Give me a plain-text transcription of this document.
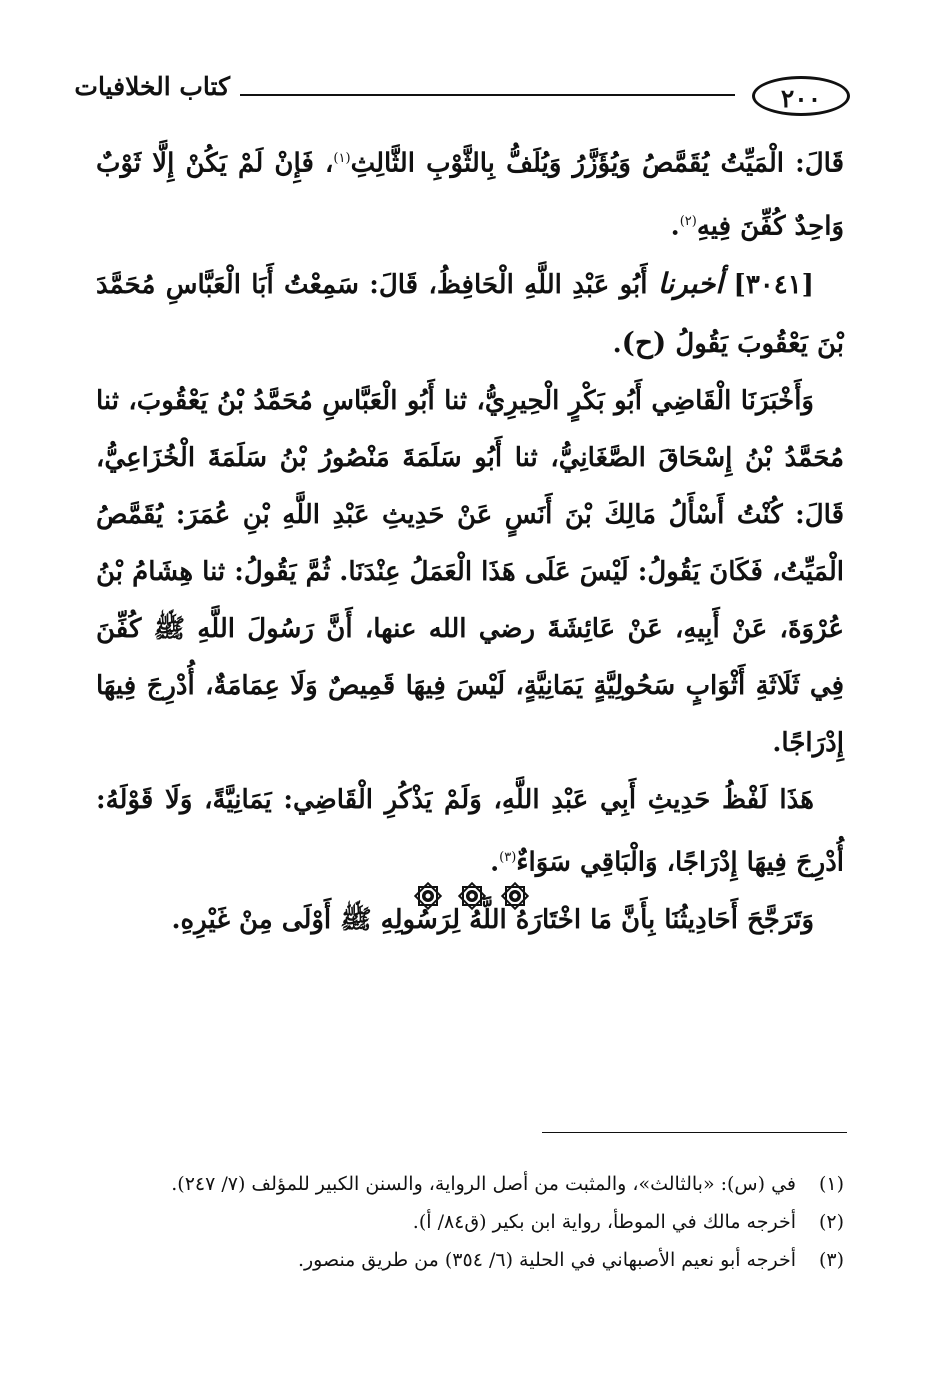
كتاب الخلافيات	٢٠٠

قَالَ: الْمَيِّتُ يُقَمَّصُ وَيُؤَزَّرُ وَيُلَفُّ بِالثَّوْبِ الثَّالِثِ$^{(١)}$، فَإِنْ لَمْ يَكُنْ إِلَّا ثَوْبٌ وَاحِدٌ كُفِّنَ فِيهِ$^{(٢)}$.

[٣٠٤١] أخبرنا أَبُو عَبْدِ اللَّهِ الْحَافِظُ، قَالَ: سَمِعْتُ أَبَا الْعَبَّاسِ مُحَمَّدَ بْنَ يَعْقُوبَ يَقُولُ (ح).

وَأَخْبَرَنَا الْقَاضِي أَبُو بَكْرٍ الْحِيرِيُّ، ثنا أَبُو الْعَبَّاسِ مُحَمَّدُ بْنُ يَعْقُوبَ، ثنا مُحَمَّدُ بْنُ إِسْحَاقَ الصَّغَانِيُّ، ثنا أَبُو سَلَمَةَ مَنْصُورُ بْنُ سَلَمَةَ الْخُزَاعِيُّ، قَالَ: كُنْتُ أَسْأَلُ مَالِكَ بْنَ أَنَسٍ عَنْ حَدِيثِ عَبْدِ اللَّهِ بْنِ عُمَرَ: يُقَمَّصُ الْمَيِّتُ، فَكَانَ يَقُولُ: لَيْسَ عَلَى هَذَا الْعَمَلُ عِنْدَنَا. ثُمَّ يَقُولُ: ثنا هِشَامُ بْنُ عُرْوَةَ، عَنْ أَبِيهِ، عَنْ عَائِشَةَ رضي الله عنها، أَنَّ رَسُولَ اللَّهِ ﷺ كُفِّنَ فِي ثَلَاثَةِ أَثْوَابٍ سَحُولِيَّةٍ يَمَانِيَّةٍ، لَيْسَ فِيهَا قَمِيصٌ وَلَا عِمَامَةٌ، أُدْرِجَ فِيهَا إِدْرَاجًا.

هَذَا لَفْظُ حَدِيثِ أَبِي عَبْدِ اللَّهِ، وَلَمْ يَذْكُرِ الْقَاضِي: يَمَانِيَّةً، وَلَا قَوْلَهُ: أُدْرِجَ فِيهَا إِدْرَاجًا، وَالْبَاقِي سَوَاءٌ$^{(٣)}$.

وَتَرَجَّحَ أَحَادِيثُنَا بِأَنَّ مَا اخْتَارَهُ اللَّهُ لِرَسُولِهِ ﷺ أَوْلَى مِنْ غَيْرِهِ.

(١)
في (س): «بالثالث»، والمثبت من أصل الرواية، والسنن الكبير للمؤلف (٧/ ٢٤٧).
(٢)
أخرجه مالك في الموطأ، رواية ابن بكير (ق٨٤/ أ).
(٣)
أخرجه أبو نعيم الأصبهاني في الحلية (٦/ ٣٥٤) من طريق منصور.
